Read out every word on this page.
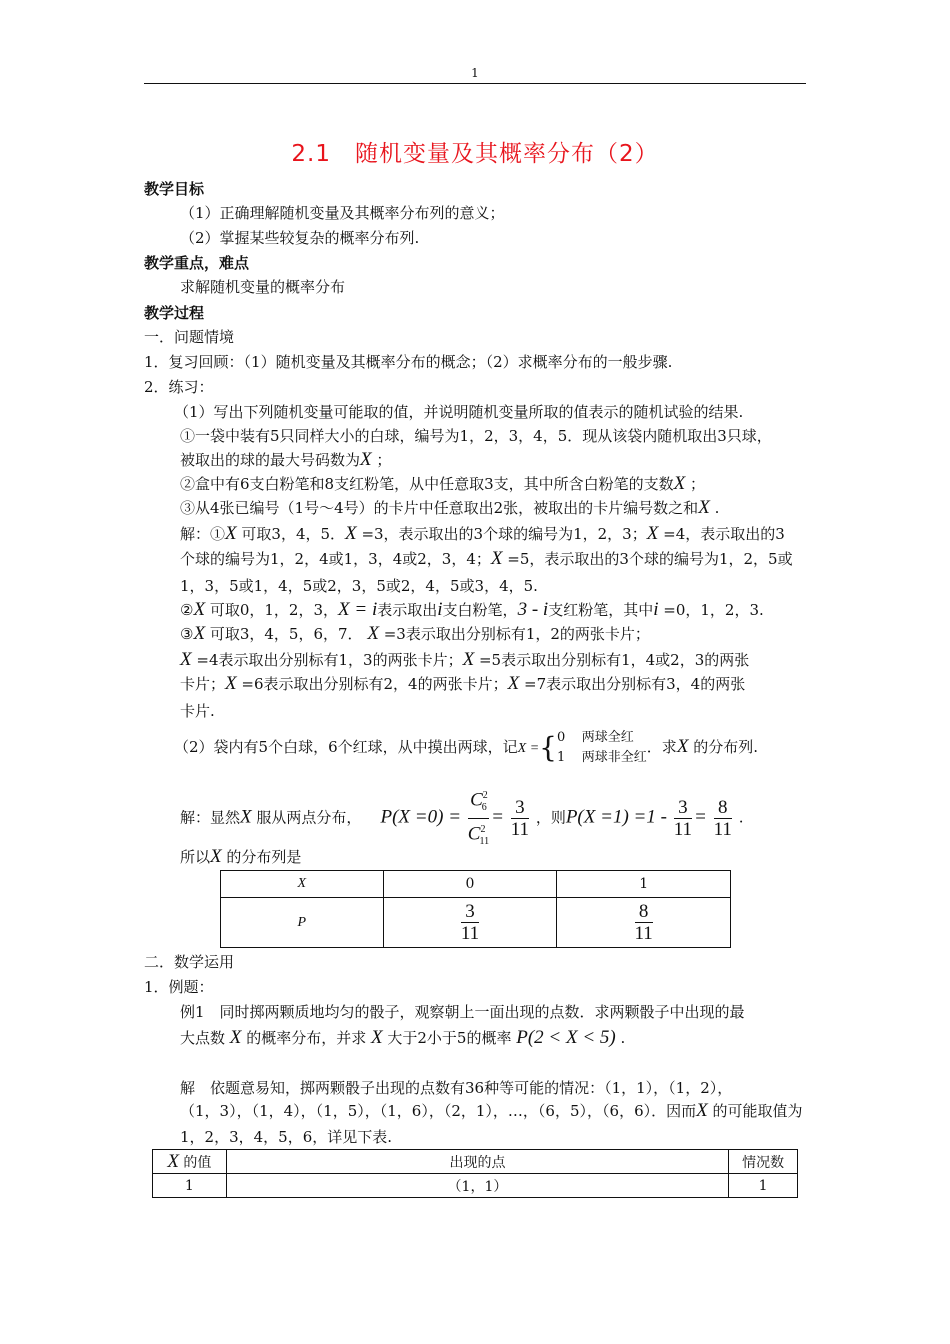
1
2.1　随机变量及其概率分布（2）
教学目标
（1）正确理解随机变量及其概率分布列的意义；
（2）掌握某些较复杂的概率分布列.
教学重点，难点
求解随机变量的概率分布
教学过程
一．问题情境
1．复习回顾：（1）随机变量及其概率分布的概念；（2）求概率分布的一般步骤.
2．练习：
（1）写出下列随机变量可能取的值，并说明随机变量所取的值表示的随机试验的结果.
①一袋中装有5只同样大小的白球，编号为1，2，3，4，5．现从该袋内随机取出3只球，
被取出的球的最大号码数为X ；
②盒中有6支白粉笔和8支红粉笔，从中任意取3支，其中所含白粉笔的支数X ；
③从4张已编号（1号～4号）的卡片中任意取出2张，被取出的卡片编号数之和X .
解：①X 可取3，4，5．X =3，表示取出的3个球的编号为1，2，3；X =4，表示取出的3
个球的编号为1，2，4或1，3，4或2，3，4；X =5，表示取出的3个球的编号为1，2，5或
1，3，5或1，4，5或2，3，5或2，4，5或3，4，5.
②X 可取0，1，2，3，X = i表示取出i支白粉笔，3 - i支红粉笔，其中i =0，1，2，3.
③X 可取3，4，5，6，7． X =3表示取出分别标有1，2的两张卡片；
X =4表示取出分别标有1，3的两张卡片；X =5表示取出分别标有1，4或2，3的两张
卡片；X =6表示取出分别标有2，4的两张卡片；X =7表示取出分别标有3，4的两张
卡片.
（2）袋内有5个白球，6个红球，从中摸出两球，记X ={0 两球全红
1 两球非全红．求X 的分布列.
解：显然X 服从两点分布， $P(X =0) = \frac{C^2_6}{C^2_{11}} = \frac{3}{11}$ ，则$P(X =1) =1 - \frac{3}{11} = \frac{8}{11}$ .
所以X 的分布列是
X	0	1
P	$\frac{3}{11}$	$\frac{8}{11}$
二．数学运用
1．例题：
例1　同时掷两颗质地均匀的骰子，观察朝上一面出现的点数．求两颗骰子中出现的最
大点数 X 的概率分布，并求 X 大于2小于5的概率 P(2 < X < 5) .
解　依题意易知，掷两颗骰子出现的点数有36种等可能的情况：（1，1），（1，2），
（1，3），（1，4），（1，5），（1，6），（2，1），…，（6，5），（6，6）．因而X 的可能取值为
1，2，3，4，5，6，详见下表.
X 的值	出现的点	情况数
1	（1，1）	1
